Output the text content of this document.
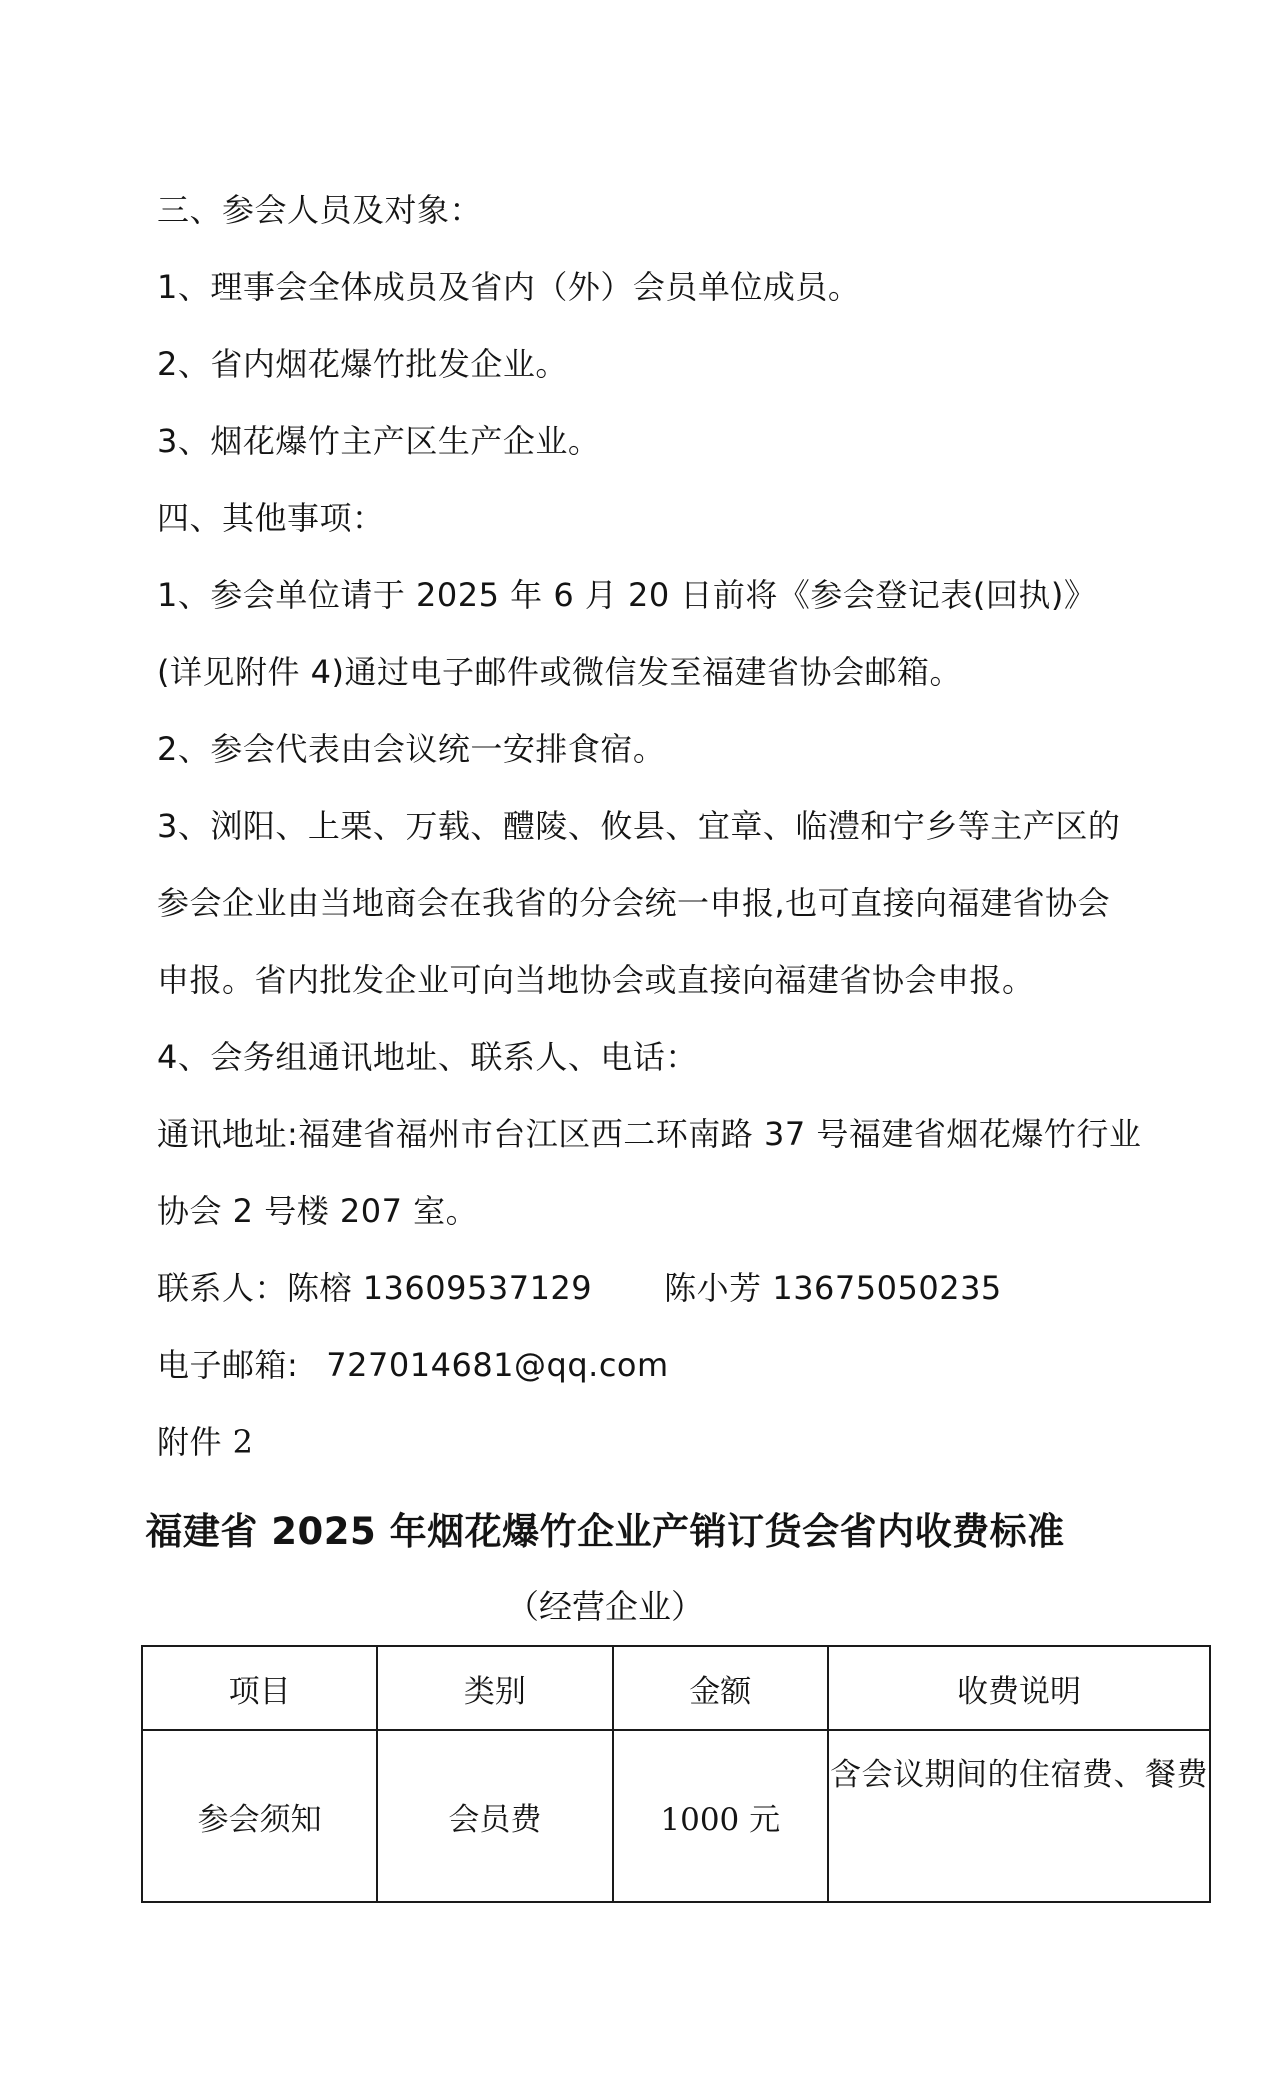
三、参会人员及对象：
1、理事会全体成员及省内（外）会员单位成员。
2、省内烟花爆竹批发企业。
3、烟花爆竹主产区生产企业。
四、其他事项：
1、参会单位请于 2025 年 6 月 20 日前将《参会登记表(回执)》
(详见附件 4)通过电子邮件或微信发至福建省协会邮箱。
2、参会代表由会议统一安排食宿。
3、浏阳、上栗、万载、醴陵、攸县、宜章、临澧和宁乡等主产区的
参会企业由当地商会在我省的分会统一申报,也可直接向福建省协会
申报。省内批发企业可向当地协会或直接向福建省协会申报。
4、会务组通讯地址、联系人、电话：
通讯地址:福建省福州市台江区西二环南路 37 号福建省烟花爆竹行业
协会 2 号楼 207 室。
联系人：陈榕 13609537129 陈小芳 13675050235
电子邮箱: 727014681@qq.com
附件 2
福建省 2025 年烟花爆竹企业产销订货会省内收费标准
（经营企业）
项目	类别	金额	收费说明
参会须知	会员费	1000 元	含会议期间的住宿费、餐费
